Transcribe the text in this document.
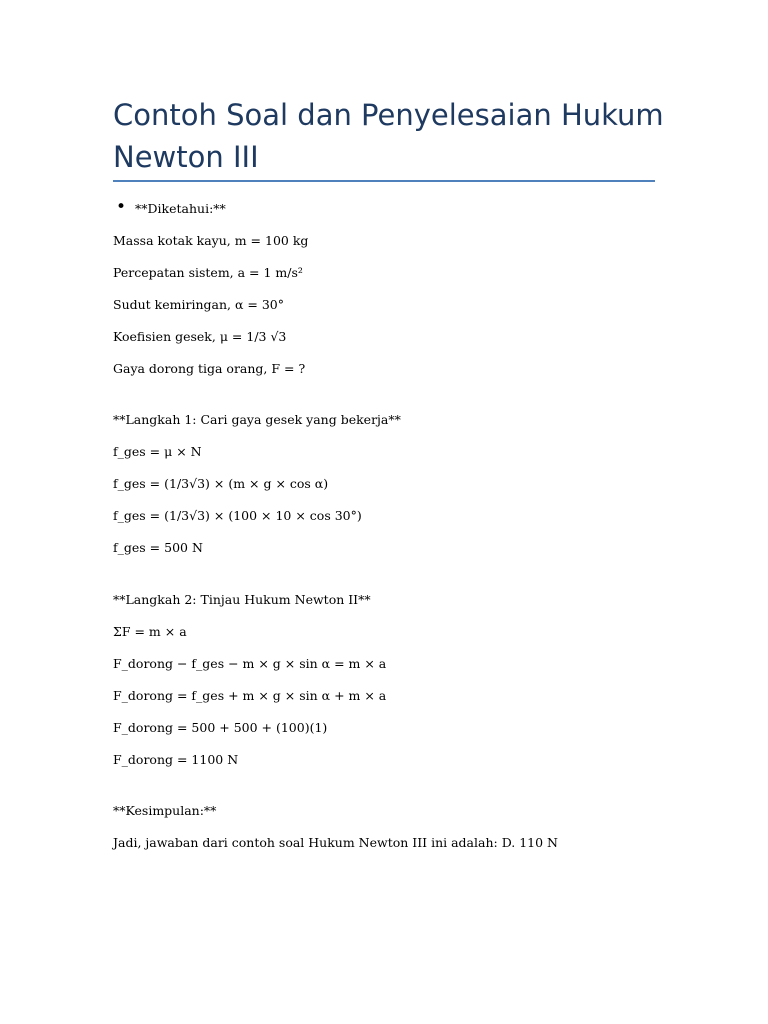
Contoh Soal dan Penyelesaian Hukum Newton III
• **Diketahui:**

Massa kotak kayu, m = 100 kg

Percepatan sistem, a = 1 m/s²

Sudut kemiringan, α = 30°

Koefisien gesek, μ = 1/3 √3

Gaya dorong tiga orang, F = ?

**Langkah 1: Cari gaya gesek yang bekerja**

f_ges = μ × N

f_ges = (1/3√3) × (m × g × cos α)

f_ges = (1/3√3) × (100 × 10 × cos 30°)

f_ges = 500 N

**Langkah 2: Tinjau Hukum Newton II**

ΣF = m × a

F_dorong − f_ges − m × g × sin α = m × a

F_dorong = f_ges + m × g × sin α + m × a

F_dorong = 500 + 500 + (100)(1)

F_dorong = 1100 N

**Kesimpulan:**

Jadi, jawaban dari contoh soal Hukum Newton III ini adalah: D. 110 N
